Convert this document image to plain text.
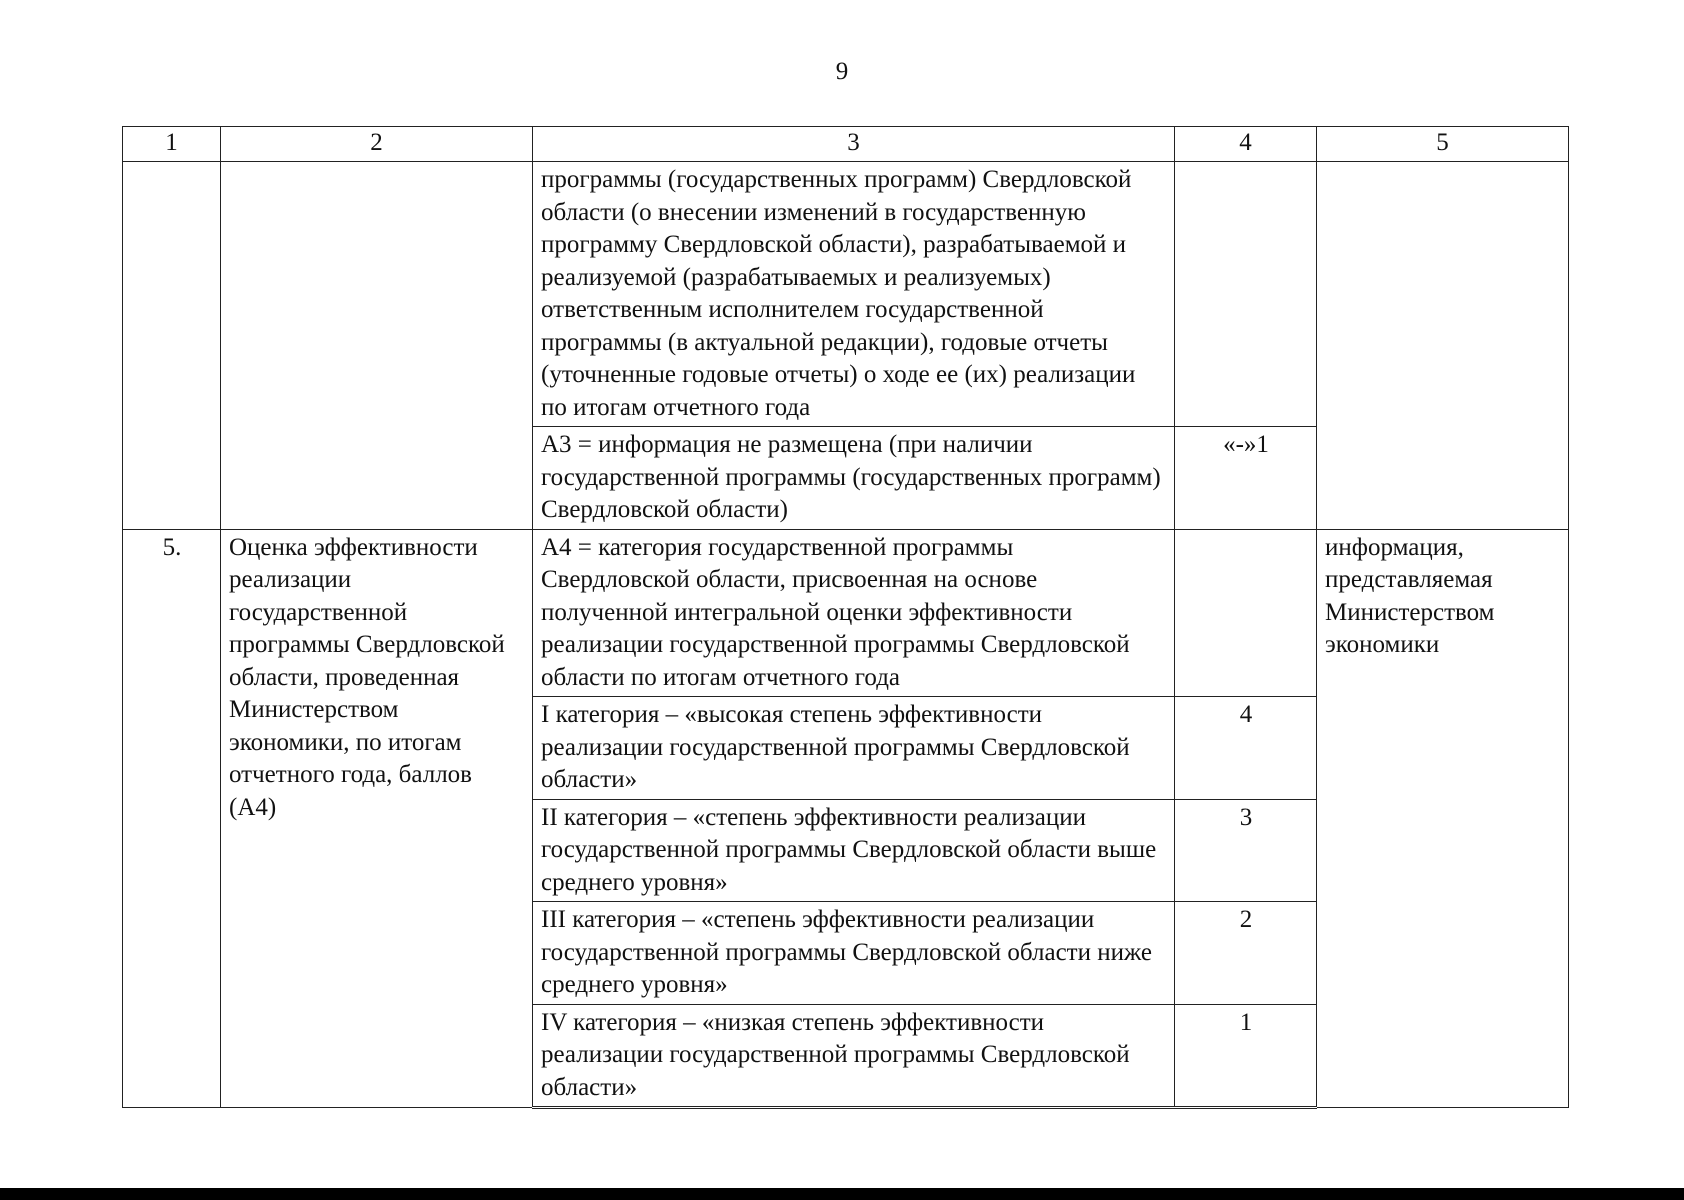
9
1	2	3	4	5
		программы (государственных программ) Свердловской области (о внесении изменений в государственную программу Свердловской области), разрабатываемой и реализуемой (разрабатываемых и реализуемых) ответственным исполнителем государственной программы (в актуальной редакции), годовые отчеты (уточненные годовые отчеты) о ходе ее (их) реализации по итогам отчетного года		
		А3 = информация не размещена (при наличии государственной программы (государственных программ) Свердловской области)	«-»1	
5.	Оценка эффективности реализации государственной программы Свердловской области, проведенная Министерством экономики, по итогам отчетного года, баллов (А4)	А4 = категория государственной программы Свердловской области, присвоенная на основе полученной интегральной оценки эффективности реализации государственной программы Свердловской области по итогам отчетного года		информация, представляемая Министерством экономики
		I категория – «высокая степень эффективности реализации государственной программы Свердловской области»	4	
		II категория – «степень эффективности реализации государственной программы Свердловской области выше среднего уровня»	3	
		III категория – «степень эффективности реализации государственной программы Свердловской области ниже среднего уровня»	2	
		IV категория – «низкая степень эффективности реализации государственной программы Свердловской области»	1	
